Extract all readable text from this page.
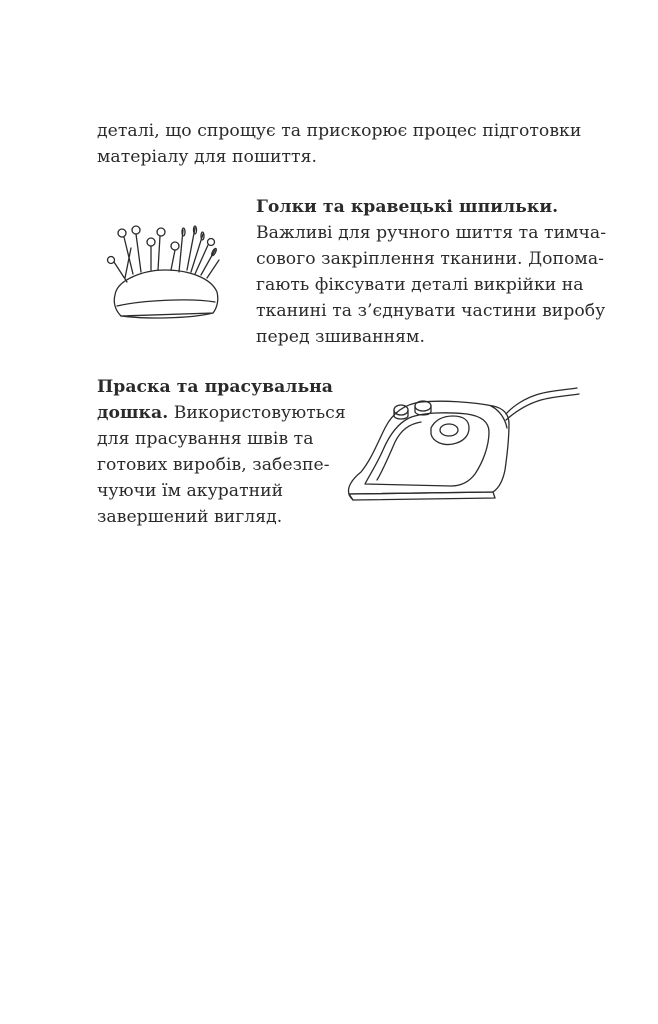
деталі, що спрощує та прискорює процес підготовки
матеріалу для пошиття.
Голки та кравецькі шпильки.
Важливі для ручного шиття та тимча-
сового закріплення тканини. Допома-
гають фіксувати деталі викрійки на
тканині та з’єднувати частини виробу
перед зшиванням.
Праска та прасувальна
дошка. Використовуються
для прасування швів та
готових виробів, забезпе-
чуючи їм акуратний
завершений вигляд.
